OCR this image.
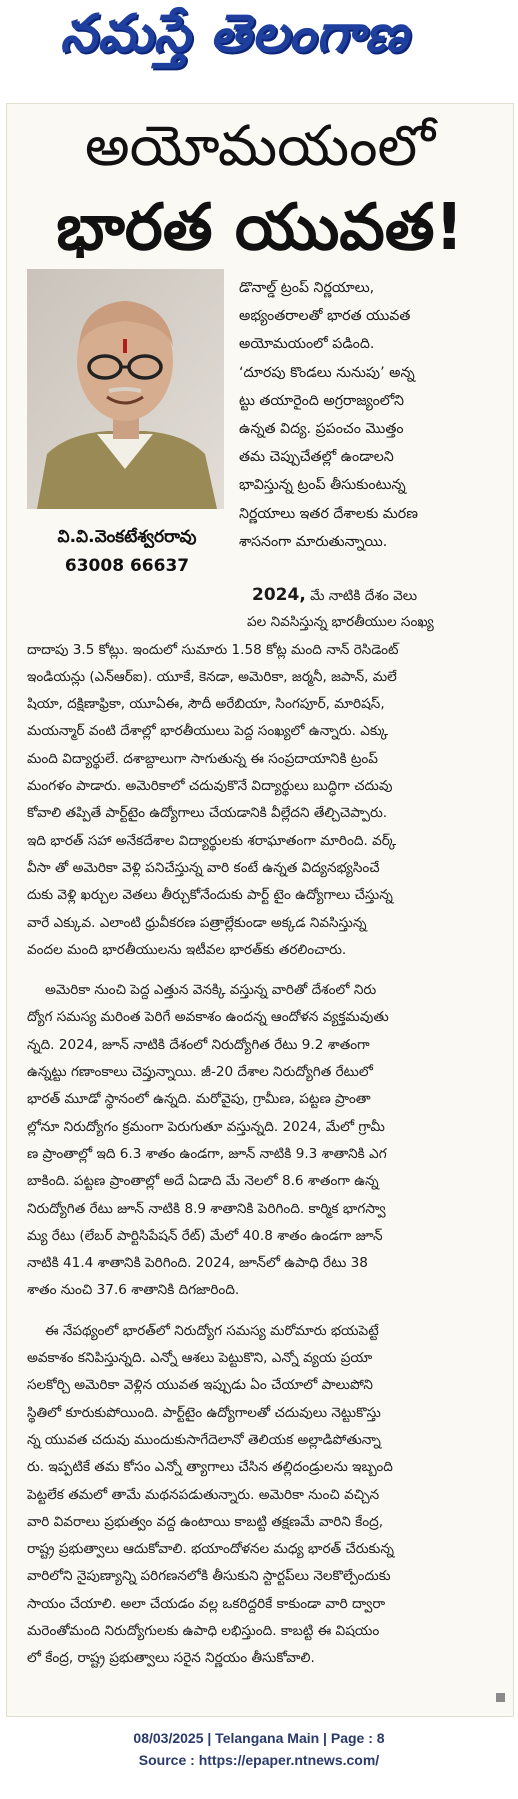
నమస్తే తెలంగాణ
అయోమయంలో
భారత యువత!
వి.వి.వెంకటేశ్వరరావు
63008 66637
డొనాల్డ్ ట్రంప్ నిర్ణయాలు,
అభ్యంతరాలతో భారత యువత
అయోమయంలో పడింది.
‘దూరపు కొండలు నునుపు’ అన్న
ట్టు తయారైంది అగ్రరాజ్యంలోని
ఉన్నత విద్య. ప్రపంచం మొత్తం
తమ చెప్పుచేతల్లో ఉండాలని
భావిస్తున్న ట్రంప్ తీసుకుంటున్న
నిర్ణయాలు ఇతర దేశాలకు మరణ
శాసనంగా మారుతున్నాయి.
2024, మే నాటికి దేశం వెలు
పల నివసిస్తున్న భారతీయుల సంఖ్య
దాదాపు 3.5 కోట్లు. ఇందులో సుమారు 1.58 కోట్ల మంది నాన్ రెసిడెంట్
ఇండియన్లు (ఎన్ఆర్ఐ). యూకే, కెనడా, అమెరికా, జర్మనీ, జపాన్, మలే
షియా, దక్షిణాఫ్రికా, యూఏఈ, సౌదీ అరేబియా, సింగపూర్, మారిషస్,
మయన్మార్ వంటి దేశాల్లో భారతీయులు పెద్ద సంఖ్యలో ఉన్నారు. ఎక్కు
మంది విద్యార్థులే. దశాబ్దాలుగా సాగుతున్న ఈ సంప్రదాయానికి ట్రంప్
మంగళం పాడారు. అమెరికాలో చదువుకొనే విద్యార్థులు బుద్ధిగా చదువు
కోవాలి తప్పితే పార్ట్‌టైం ఉద్యోగాలు చేయడానికి వీల్లేదని తేల్చిచెప్పారు.
ఇది భారత్ సహా అనేకదేశాల విద్యార్థులకు శరాఘాతంగా మారింది. వర్క్
వీసా తో అమెరికా వెళ్లి పనిచేస్తున్న వారి కంటే ఉన్నత విద్యనభ్యసించే
దుకు వెళ్లి ఖర్చుల వెతలు తీర్చుకోనేందుకు పార్ట్ టైం ఉద్యోగాలు చేస్తున్న
వారే ఎక్కువ. ఎలాంటి ధ్రువీకరణ పత్రాల్లేకుండా అక్కడ నివసిస్తున్న
వందల మంది భారతీయులను ఇటీవల భారత్‌కు తరలించారు.
అమెరికా నుంచి పెద్ద ఎత్తున వెనక్కి వస్తున్న వారితో దేశంలో నిరు
ద్యోగ సమస్య మరింత పెరిగే అవకాశం ఉందన్న ఆందోళన వ్యక్తమవుతు
న్నది. 2024, జూన్ నాటికి దేశంలో నిరుద్యోగిత రేటు 9.2 శాతంగా
ఉన్నట్టు గణాంకాలు చెప్తున్నాయి. జీ-20 దేశాల నిరుద్యోగిత రేటులో
భారత్ మూడో స్థానంలో ఉన్నది. మరోవైపు, గ్రామీణ, పట్టణ ప్రాంతా
ల్లోనూ నిరుద్యోగం క్రమంగా పెరుగుతూ వస్తున్నది. 2024, మేలో గ్రామీ
ణ ప్రాంతాల్లో ఇది 6.3 శాతం ఉండగా, జూన్ నాటికి 9.3 శాతానికి ఎగ
బాకింది. పట్టణ ప్రాంతాల్లో అదే ఏడాది మే నెలలో 8.6 శాతంగా ఉన్న
నిరుద్యోగిత రేటు జూన్ నాటికి 8.9 శాతానికి పెరిగింది. కార్మిక భాగస్వా
మ్య రేటు (లేబర్ పార్టిసిపేషన్ రేట్) మేలో 40.8 శాతం ఉండగా జూన్
నాటికి 41.4 శాతానికి పెరిగింది. 2024, జూన్‌లో ఉపాధి రేటు 38
శాతం నుంచి 37.6 శాతానికి దిగజారింది.
ఈ నేపథ్యంలో భారత్‌లో నిరుద్యోగ సమస్య మరోమారు భయపెట్టే
అవకాశం కనిపిస్తున్నది. ఎన్నో ఆశలు పెట్టుకొని, ఎన్నో వ్యయ ప్రయా
సలకోర్చి అమెరికా వెళ్లిన యువత ఇప్పుడు ఏం చేయాలో పాలుపోని
స్థితిలో కూరుకుపోయింది. పార్ట్‌టైం ఉద్యోగాలతో చదువులు నెట్టుకొస్తు
న్న యువత చదువు ముందుకుసాగేదెలానో తెలియక అల్లాడిపోతున్నా
రు. ఇప్పటికే తమ కోసం ఎన్నో త్యాగాలు చేసిన తల్లిదండ్రులను ఇబ్బంది
పెట్టలేక తమలో తామే మథనపడుతున్నారు. అమెరికా నుంచి వచ్చిన
వారి వివరాలు ప్రభుత్వం వద్ద ఉంటాయి కాబట్టి తక్షణమే వారిని కేంద్ర,
రాష్ట్ర ప్రభుత్వాలు ఆదుకోవాలి. భయాందోళనల మధ్య భారత్ చేరుకున్న
వారిలోని నైపుణ్యాన్ని పరిగణనలోకి తీసుకుని స్టార్టప్‌లు నెలకొల్పేందుకు
సాయం చేయాలి. అలా చేయడం వల్ల ఒకరిద్దరికే కాకుండా వారి ద్వారా
మరెంతోమంది నిరుద్యోగులకు ఉపాధి లభిస్తుంది. కాబట్టి ఈ విషయం
లో కేంద్ర, రాష్ట్ర ప్రభుత్వాలు సరైన నిర్ణయం తీసుకోవాలి.
08/03/2025 | Telangana Main | Page : 8
Source : https://epaper.ntnews.com/
